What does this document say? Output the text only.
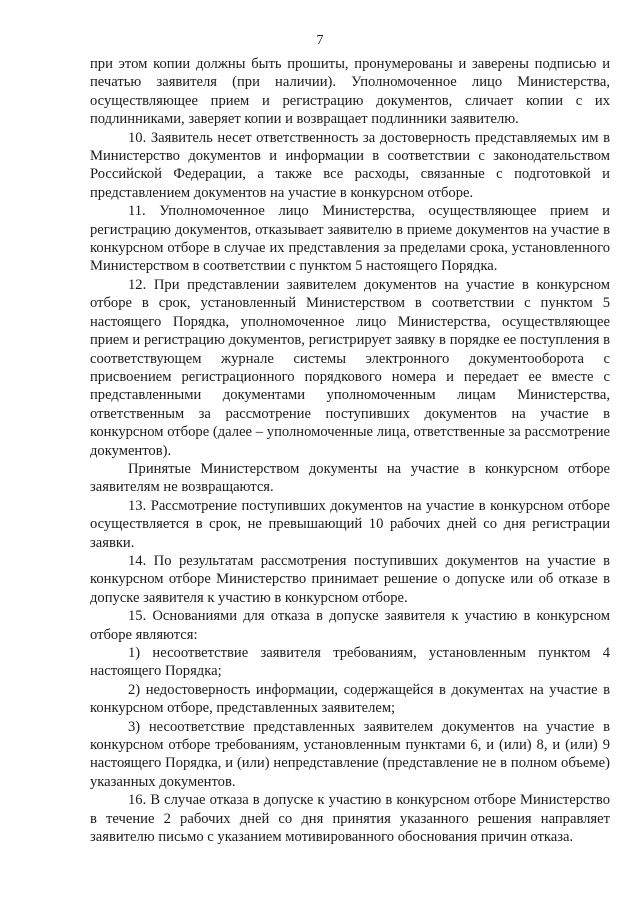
7

при этом копии должны быть прошиты, пронумерованы и заверены подписью и печатью заявителя (при наличии). Уполномоченное лицо Министерства, осуществляющее прием и регистрацию документов, сличает копии с их подлинниками, заверяет копии и возвращает подлинники заявителю.

10. Заявитель несет ответственность за достоверность представляемых им в Министерство документов и информации в соответствии с законодательством Российской Федерации, а также все расходы, связанные с подготовкой и представлением документов на участие в конкурсном отборе.

11. Уполномоченное лицо Министерства, осуществляющее прием и регистрацию документов, отказывает заявителю в приеме документов на участие в конкурсном отборе в случае их представления за пределами срока, установленного Министерством в соответствии с пунктом 5 настоящего Порядка.

12. При представлении заявителем документов на участие в конкурсном отборе в срок, установленный Министерством в соответствии с пунктом 5 настоящего Порядка, уполномоченное лицо Министерства, осуществляющее прием и регистрацию документов, регистрирует заявку в порядке ее поступления в соответствующем журнале системы электронного документооборота с присвоением регистрационного порядкового номера и передает ее вместе с представленными документами уполномоченным лицам Министерства, ответственным за рассмотрение поступивших документов на участие в конкурсном отборе (далее – уполномоченные лица, ответственные за рассмотрение документов).

Принятые Министерством документы на участие в конкурсном отборе заявителям не возвращаются.

13. Рассмотрение поступивших документов на участие в конкурсном отборе осуществляется в срок, не превышающий 10 рабочих дней со дня регистрации заявки.

14. По результатам рассмотрения поступивших документов на участие в конкурсном отборе Министерство принимает решение о допуске или об отказе в допуске заявителя к участию в конкурсном отборе.

15. Основаниями для отказа в допуске заявителя к участию в конкурсном отборе являются:

1) несоответствие заявителя требованиям, установленным пунктом 4 настоящего Порядка;

2) недостоверность информации, содержащейся в документах на участие в конкурсном отборе, представленных заявителем;

3) несоответствие представленных заявителем документов на участие в конкурсном отборе требованиям, установленным пунктами 6, и (или) 8, и (или) 9 настоящего Порядка, и (или) непредставление (представление не в полном объеме) указанных документов.

16. В случае отказа в допуске к участию в конкурсном отборе Министерство в течение 2 рабочих дней со дня принятия указанного решения направляет заявителю письмо с указанием мотивированного обоснования причин отказа.
